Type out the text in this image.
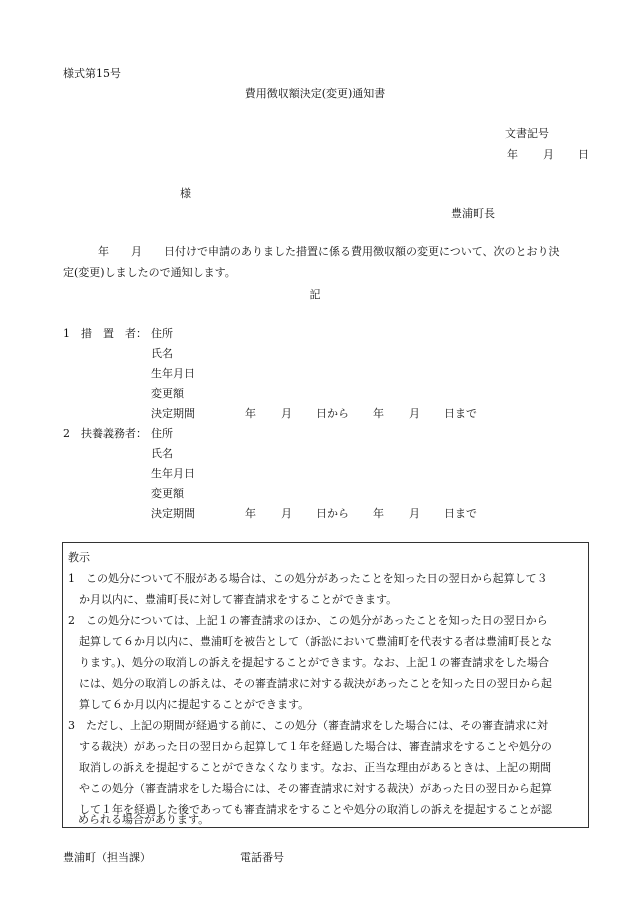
様式第15号
費用徴収額決定(変更)通知書
文書記号
年 月 日
様
豊浦町長
年　　月　　日付けで申請のありました措置に係る費用徴収額の変更について、次のとおり決
定(変更)しましたので通知します。
記
1　措　置　者： 住所
氏名
生年月日
変更額
決定期間	年 月 日から 年 月 日まで
2　扶養義務者： 住所
氏名
生年月日
変更額
決定期間	年 月 日から 年 月 日まで
教示
1　この処分について不服がある場合は、この処分があったことを知った日の翌日から起算して３
か月以内に、豊浦町長に対して審査請求をすることができます。
2　この処分については、上記１の審査請求のほか、この処分があったことを知った日の翌日から
起算して６か月以内に、豊浦町を被告として（訴訟において豊浦町を代表する者は豊浦町長とな
ります。)、処分の取消しの訴えを提起することができます。なお、上記１の審査請求をした場合
には、処分の取消しの訴えは、その審査請求に対する裁決があったことを知った日の翌日から起
算して６か月以内に提起することができます。
3　ただし、上記の期間が経過する前に、この処分（審査請求をした場合には、その審査請求に対
する裁決）があった日の翌日から起算して１年を経過した場合は、審査請求をすることや処分の
取消しの訴えを提起することができなくなります。なお、正当な理由があるときは、上記の期間
やこの処分（審査請求をした場合には、その審査請求に対する裁決）があった日の翌日から起算
して１年を経過した後であっても審査請求をすることや処分の取消しの訴えを提起することが認
められる場合があります。
豊浦町（担当課）	電話番号
